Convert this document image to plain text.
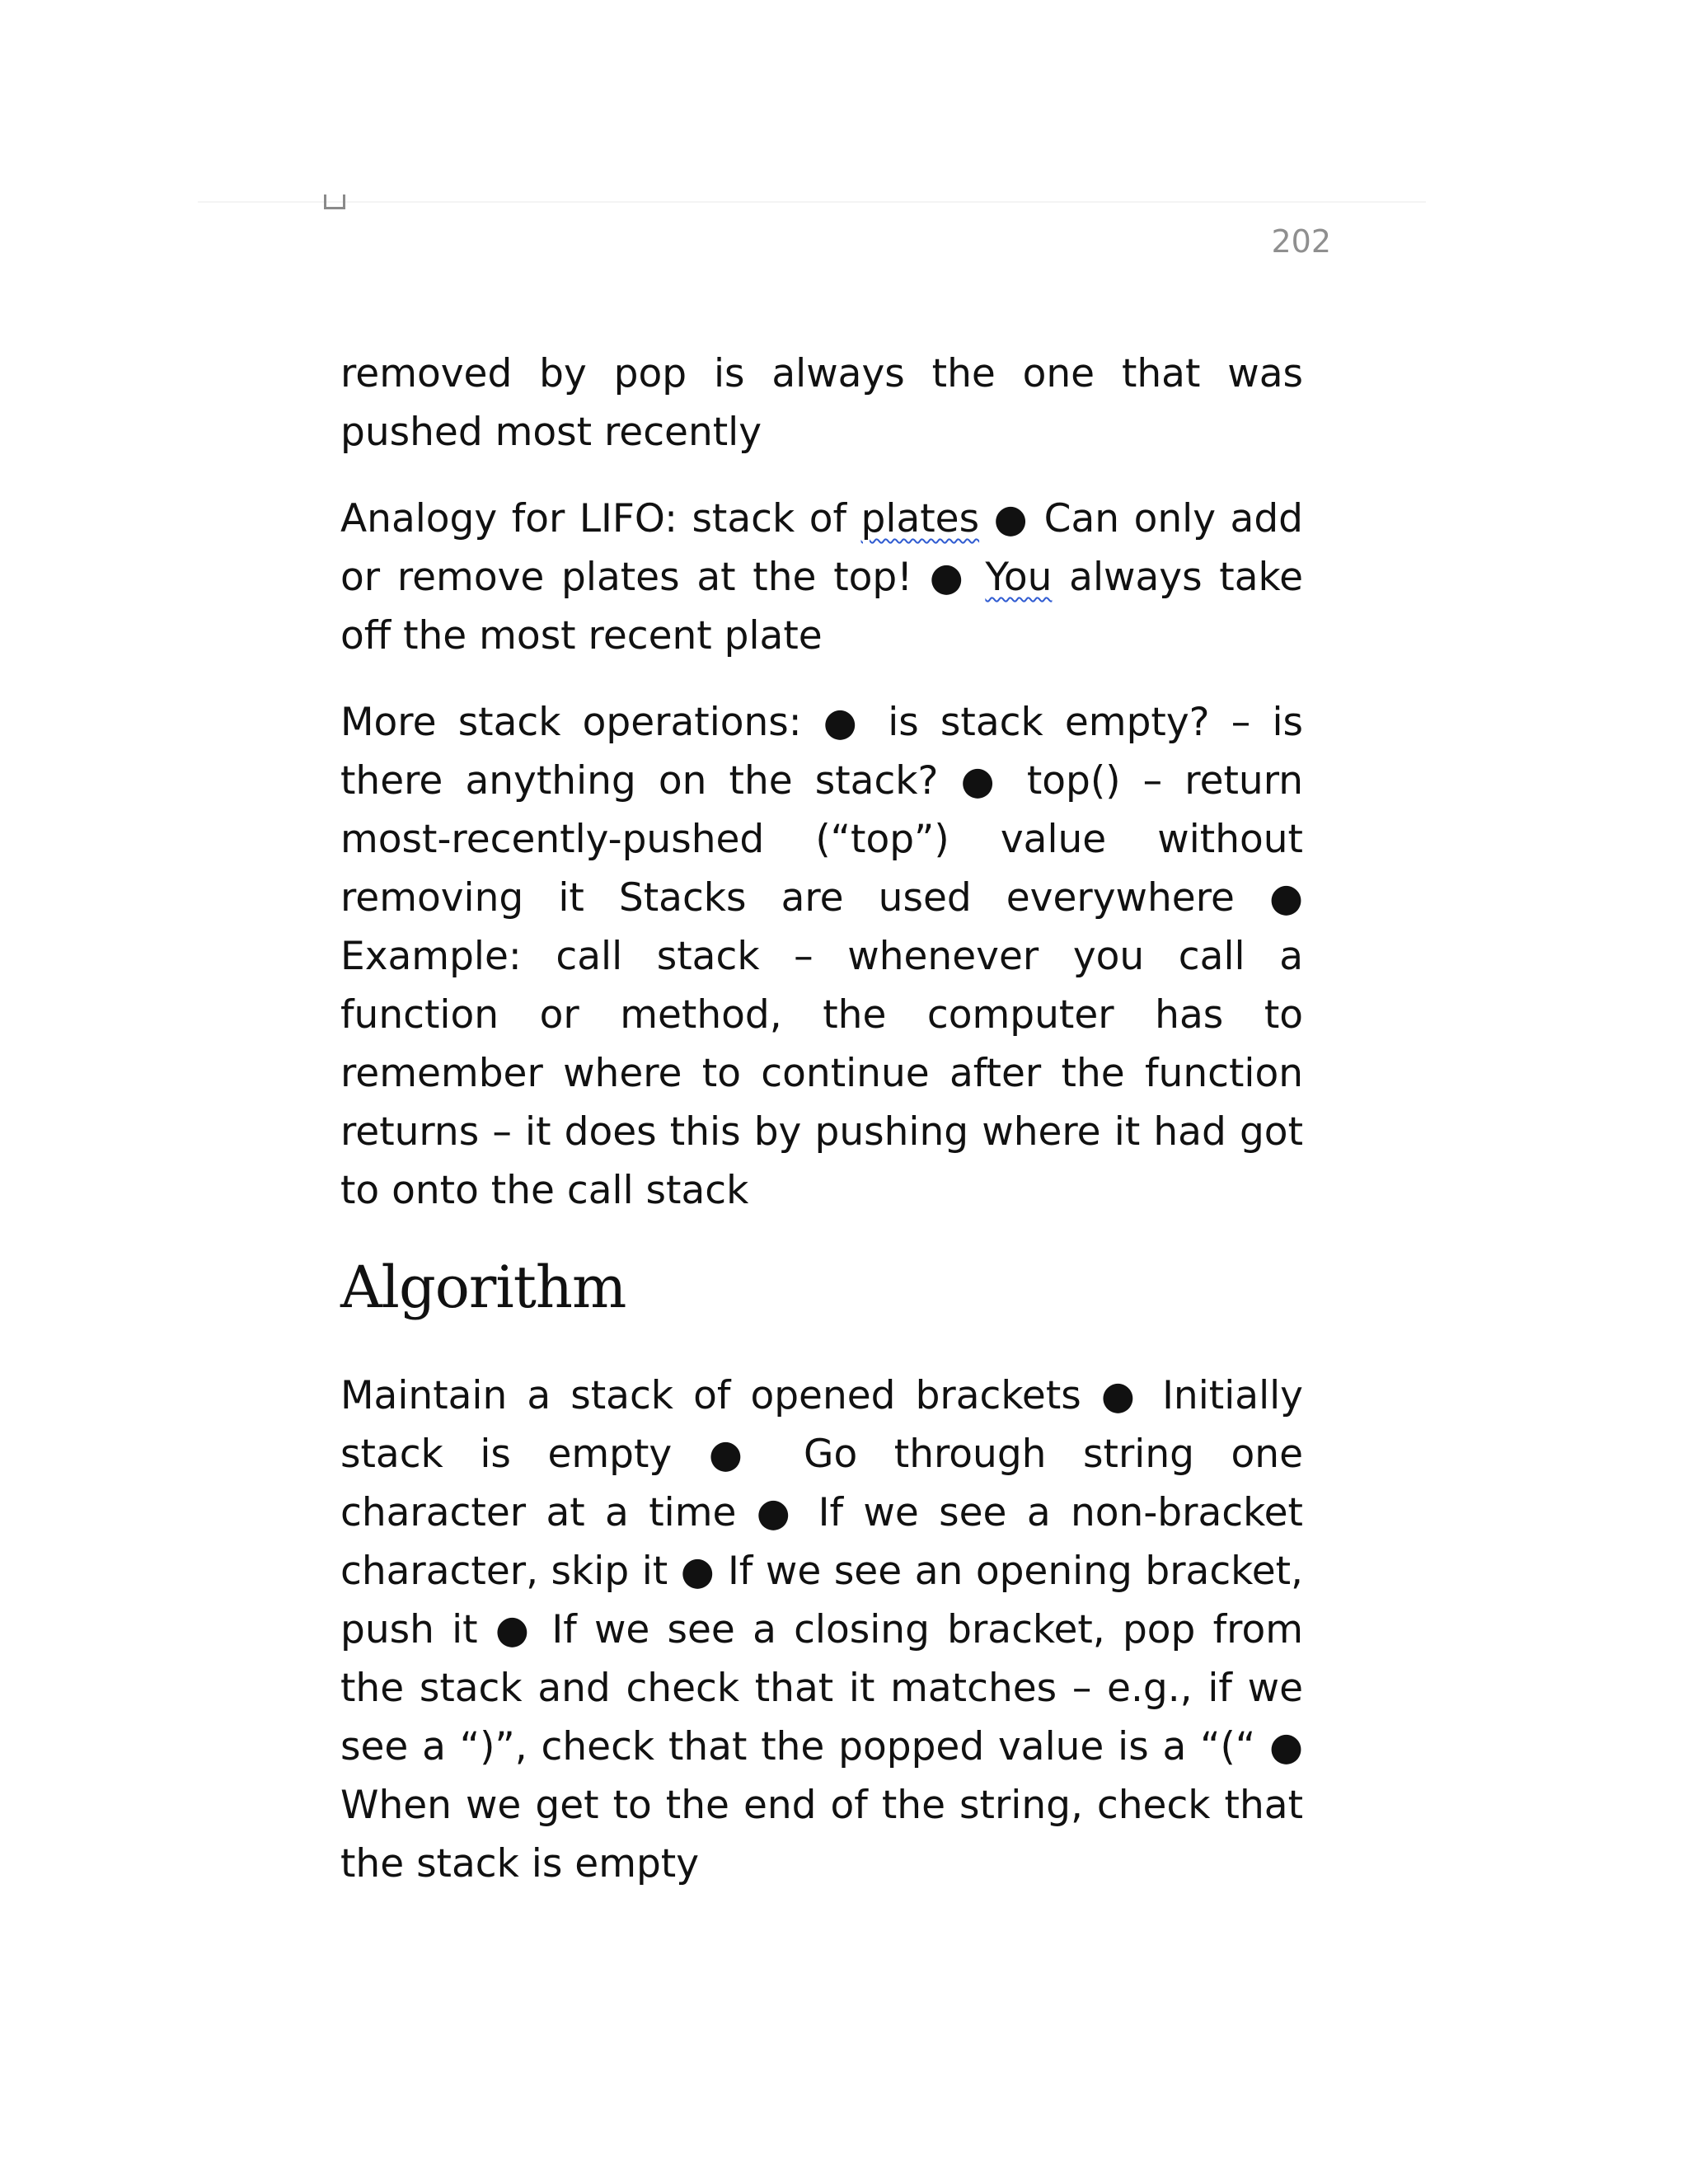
202

removed by pop is always the one that was pushed most recently

Analogy for LIFO: stack of plates ● Can only add or remove plates at the top! ● You always take off the most recent plate

More stack operations: ● is stack empty? – is there anything on the stack? ● top() – return most-recently-pushed (“top”) value without removing it Stacks are used everywhere ● Example: call stack – whenever you call a function or method, the computer has to remember where to continue after the function returns – it does this by pushing where it had got to onto the call stack

Algorithm

Maintain a stack of opened brackets ● Initially stack is empty ● Go through string one character at a time ● If we see a non-bracket character, skip it ● If we see an opening bracket, push it ● If we see a closing bracket, pop from the stack and check that it matches – e.g., if we see a “)”, check that the popped value is a “(“ ● When we get to the end of the string, check that the stack is empty
